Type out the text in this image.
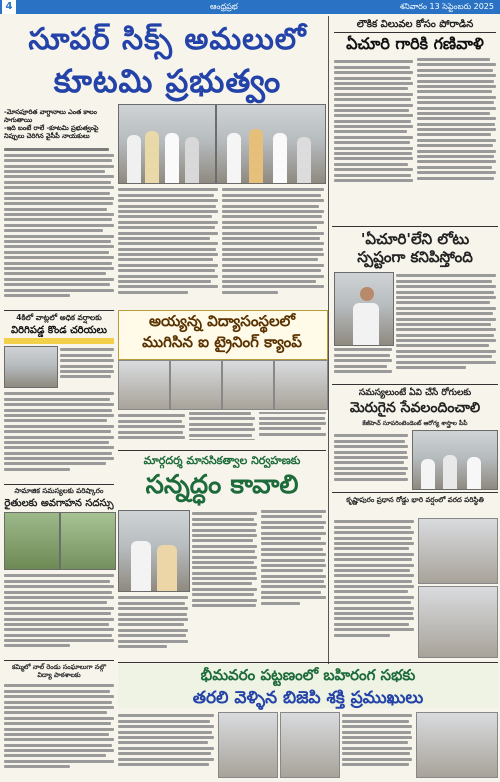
4	ఆంధ్రప్రభ	శనివారం 13 సెప్టెంబరు 2025
సూపర్ సిక్స్ అమలులో
కూటమి ప్రభుత్వం
-మోసపూరిత వాగ్దానాలు ఎంత కాలం సాగుతాయి
-ఇది బంటే రాలే -కూటమి ప్రభుత్వంపై
నిప్పులు చెరిగిన వైసీపీ నాయకులు
లౌకిక విలువల కోసం పోరాడిన
ఏచూరి గారికి గణివాళి
'ఏచూరి'లేని లోటు
స్పష్టంగా కనిపిస్తోంది
సమస్యలుంటే ఏవి చేసే రోగులకు
మెరుగైన సేవలందించాలి
కేజీహెచ్ సూపరింటెండెంట్ ఆరోగ్య శాస్త్రాల పీపీ
అయ్యన్న విద్యాసంస్థలలో
ముగిసిన ఐ ట్రైనింగ్ క్యాంప్
మార్గదర్శ మానసికత్వాల నిర్వహణకు
సన్నద్ధం కావాలి	కృష్ణాపురం ప్రధాన రోడ్డు భారి వర్షంలో వరద పరిస్థితి
4కిలో వాట్లలో అధిక వర్షాలకు
విరిగిపడ్డ కొండ చరియలు
సామాజిక సమస్యలకు పరిష్కారం
రైతులకు అవగాహన సదస్సు
కమ్మిలో నాల్ రెండు సంఘాలుగా నల్గొ విద్యా పాఠశాలకు	భీమవరం పట్టణంలో బహిరంగ సభకు
తరలి వెళ్ళిన బిజెపి శక్తి ప్రముఖులు
